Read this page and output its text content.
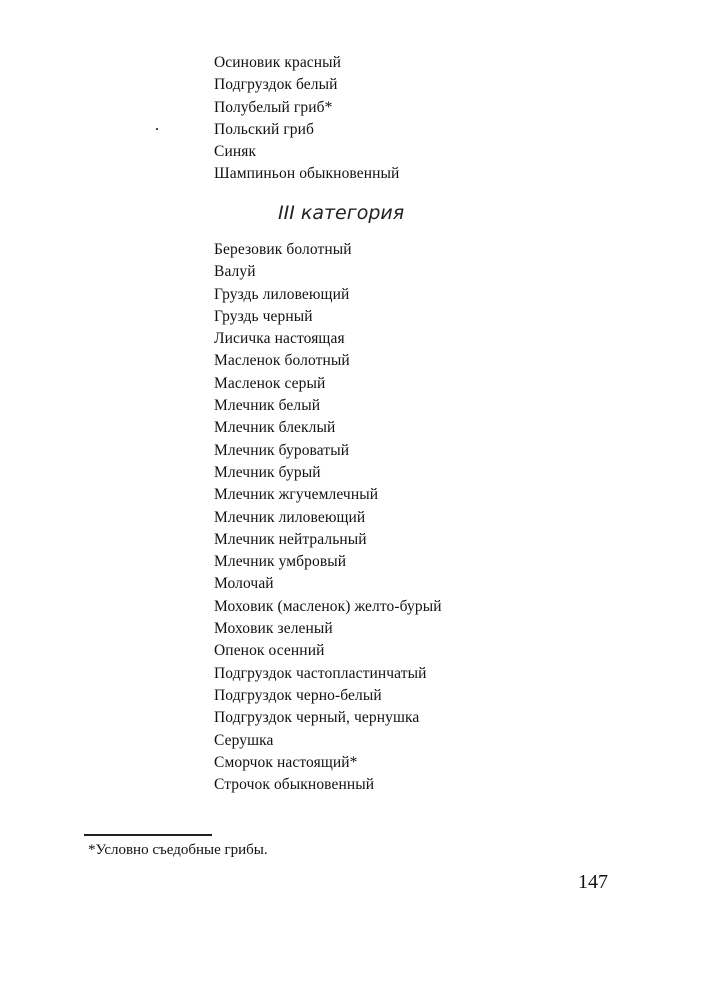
Осиновик красный
Подгруздок белый
Полубелый гриб*
Польский гриб
Синяк
Шампиньон обыкновенный
III категория
Березовик болотный
Валуй
Груздь лиловеющий
Груздь черный
Лисичка настоящая
Масленок болотный
Масленок серый
Млечник белый
Млечник блеклый
Млечник буроватый
Млечник бурый
Млечник жгучемлечный
Млечник лиловеющий
Млечник нейтральный
Млечник умбровый
Молочай
Моховик (масленок) желто-бурый
Моховик зеленый
Опенок осенний
Подгруздок частопластинчатый
Подгруздок черно-белый
Подгруздок черный, чернушка
Серушка
Сморчок настоящий*
Строчок обыкновенный
*Условно съедобные грибы.
147
